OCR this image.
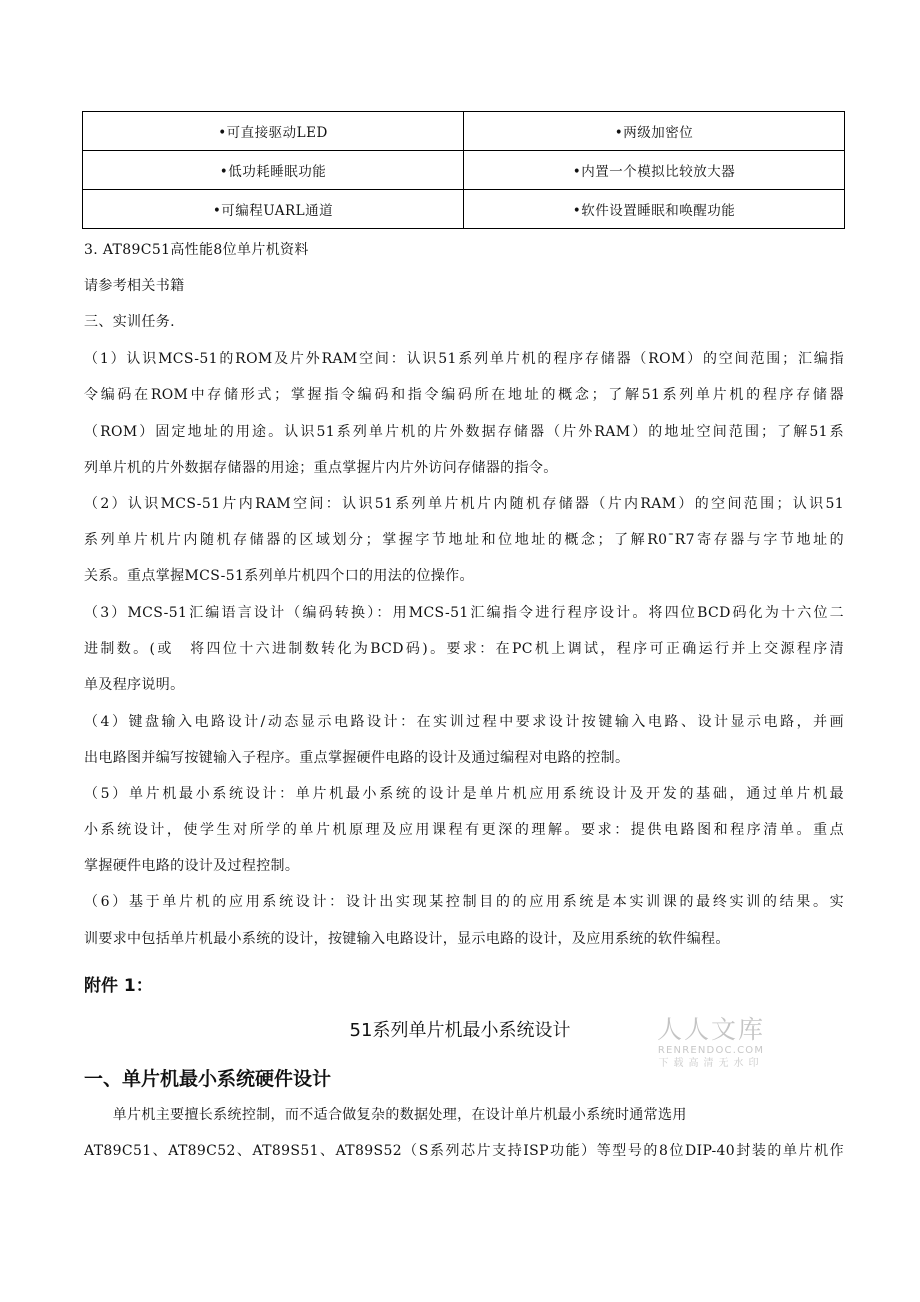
•可直接驱动LED	•两级加密位
•低功耗睡眠功能	•内置一个模拟比较放大器
•可编程UARL通道	•软件设置睡眠和唤醒功能
3. AT89C51高性能8位单片机资料
请参考相关书籍
三、实训任务.
（1）认识MCS-51的ROM及片外RAM空间：认识51系列单片机的程序存储器（ROM）的空间范围；汇编指
令编码在ROM中存储形式；掌握指令编码和指令编码所在地址的概念；了解51系列单片机的程序存储器
（ROM）固定地址的用途。认识51系列单片机的片外数据存储器（片外RAM）的地址空间范围；了解51系
列单片机的片外数据存储器的用途；重点掌握片内片外访问存储器的指令。
（2）认识MCS-51片内RAM空间：认识51系列单片机片内随机存储器（片内RAM）的空间范围；认识51
系列单片机片内随机存储器的区域划分；掌握字节地址和位地址的概念；了解R0¯R7寄存器与字节地址的
关系。重点掌握MCS-51系列单片机四个口的用法的位操作。
（3）MCS-51汇编语言设计（编码转换）：用MCS-51汇编指令进行程序设计。将四位BCD码化为十六位二
进制数。(或　将四位十六进制数转化为BCD码)。要求：在PC机上调试，程序可正确运行并上交源程序清
单及程序说明。
（4）键盘输入电路设计/动态显示电路设计：在实训过程中要求设计按键输入电路、设计显示电路，并画
出电路图并编写按键输入子程序。重点掌握硬件电路的设计及通过编程对电路的控制。
（5）单片机最小系统设计：单片机最小系统的设计是单片机应用系统设计及开发的基础，通过单片机最
小系统设计，使学生对所学的单片机原理及应用课程有更深的理解。要求：提供电路图和程序清单。重点
掌握硬件电路的设计及过程控制。
（6）基于单片机的应用系统设计：设计出实现某控制目的的应用系统是本实训课的最终实训的结果。实
训要求中包括单片机最小系统的设计，按键输入电路设计，显示电路的设计，及应用系统的软件编程。
附件 1：
51系列单片机最小系统设计	人人文库
RENRENDOC.COM
下载高清无水印
一、单片机最小系统硬件设计
　　单片机主要擅长系统控制，而不适合做复杂的数据处理，在设计单片机最小系统时通常选用
AT89C51、AT89C52、AT89S51、AT89S52（S系列芯片支持ISP功能）等型号的8位DIP-40封装的单片机作
